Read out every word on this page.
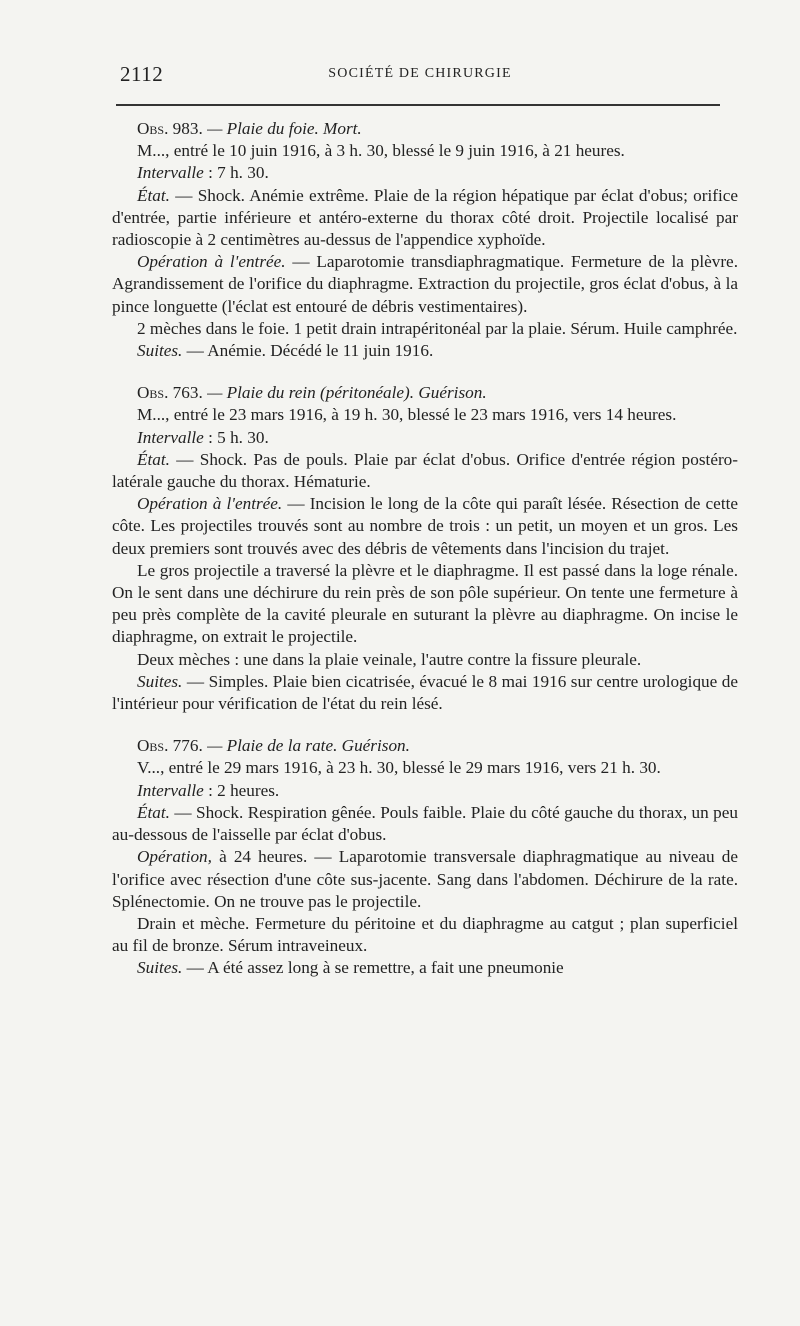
2112	SOCIÉTÉ DE CHIRURGIE

Obs. 983. — Plaie du foie. Mort.

M..., entré le 10 juin 1916, à 3 h. 30, blessé le 9 juin 1916, à 21 heures.

Intervalle : 7 h. 30.

État. — Shock. Anémie extrême. Plaie de la région hépatique par éclat d'obus; orifice d'entrée, partie inférieure et antéro-externe du thorax côté droit. Projectile localisé par radioscopie à 2 centimètres au-dessus de l'appendice xyphoïde.

Opération à l'entrée. — Laparotomie transdiaphragmatique. Fermeture de la plèvre. Agrandissement de l'orifice du diaphragme. Extraction du projectile, gros éclat d'obus, à la pince longuette (l'éclat est entouré de débris vestimentaires).

2 mèches dans le foie. 1 petit drain intrapéritonéal par la plaie. Sérum. Huile camphrée.

Suites. — Anémie. Décédé le 11 juin 1916.

Obs. 763. — Plaie du rein (péritonéale). Guérison.

M..., entré le 23 mars 1916, à 19 h. 30, blessé le 23 mars 1916, vers 14 heures.

Intervalle : 5 h. 30.

État. — Shock. Pas de pouls. Plaie par éclat d'obus. Orifice d'entrée région postéro-latérale gauche du thorax. Hématurie.

Opération à l'entrée. — Incision le long de la côte qui paraît lésée. Résection de cette côte. Les projectiles trouvés sont au nombre de trois : un petit, un moyen et un gros. Les deux premiers sont trouvés avec des débris de vêtements dans l'incision du trajet.

Le gros projectile a traversé la plèvre et le diaphragme. Il est passé dans la loge rénale. On le sent dans une déchirure du rein près de son pôle supérieur. On tente une fermeture à peu près complète de la cavité pleurale en suturant la plèvre au diaphragme. On incise le diaphragme, on extrait le projectile.

Deux mèches : une dans la plaie veinale, l'autre contre la fissure pleurale.

Suites. — Simples. Plaie bien cicatrisée, évacué le 8 mai 1916 sur centre urologique de l'intérieur pour vérification de l'état du rein lésé.

Obs. 776. — Plaie de la rate. Guérison.

V..., entré le 29 mars 1916, à 23 h. 30, blessé le 29 mars 1916, vers 21 h. 30.

Intervalle : 2 heures.

État. — Shock. Respiration gênée. Pouls faible. Plaie du côté gauche du thorax, un peu au-dessous de l'aisselle par éclat d'obus.

Opération, à 24 heures. — Laparotomie transversale diaphragmatique au niveau de l'orifice avec résection d'une côte sus-jacente. Sang dans l'abdomen. Déchirure de la rate. Splénectomie. On ne trouve pas le projectile.

Drain et mèche. Fermeture du péritoine et du diaphragme au catgut ; plan superficiel au fil de bronze. Sérum intraveineux.

Suites. — A été assez long à se remettre, a fait une pneumonie
